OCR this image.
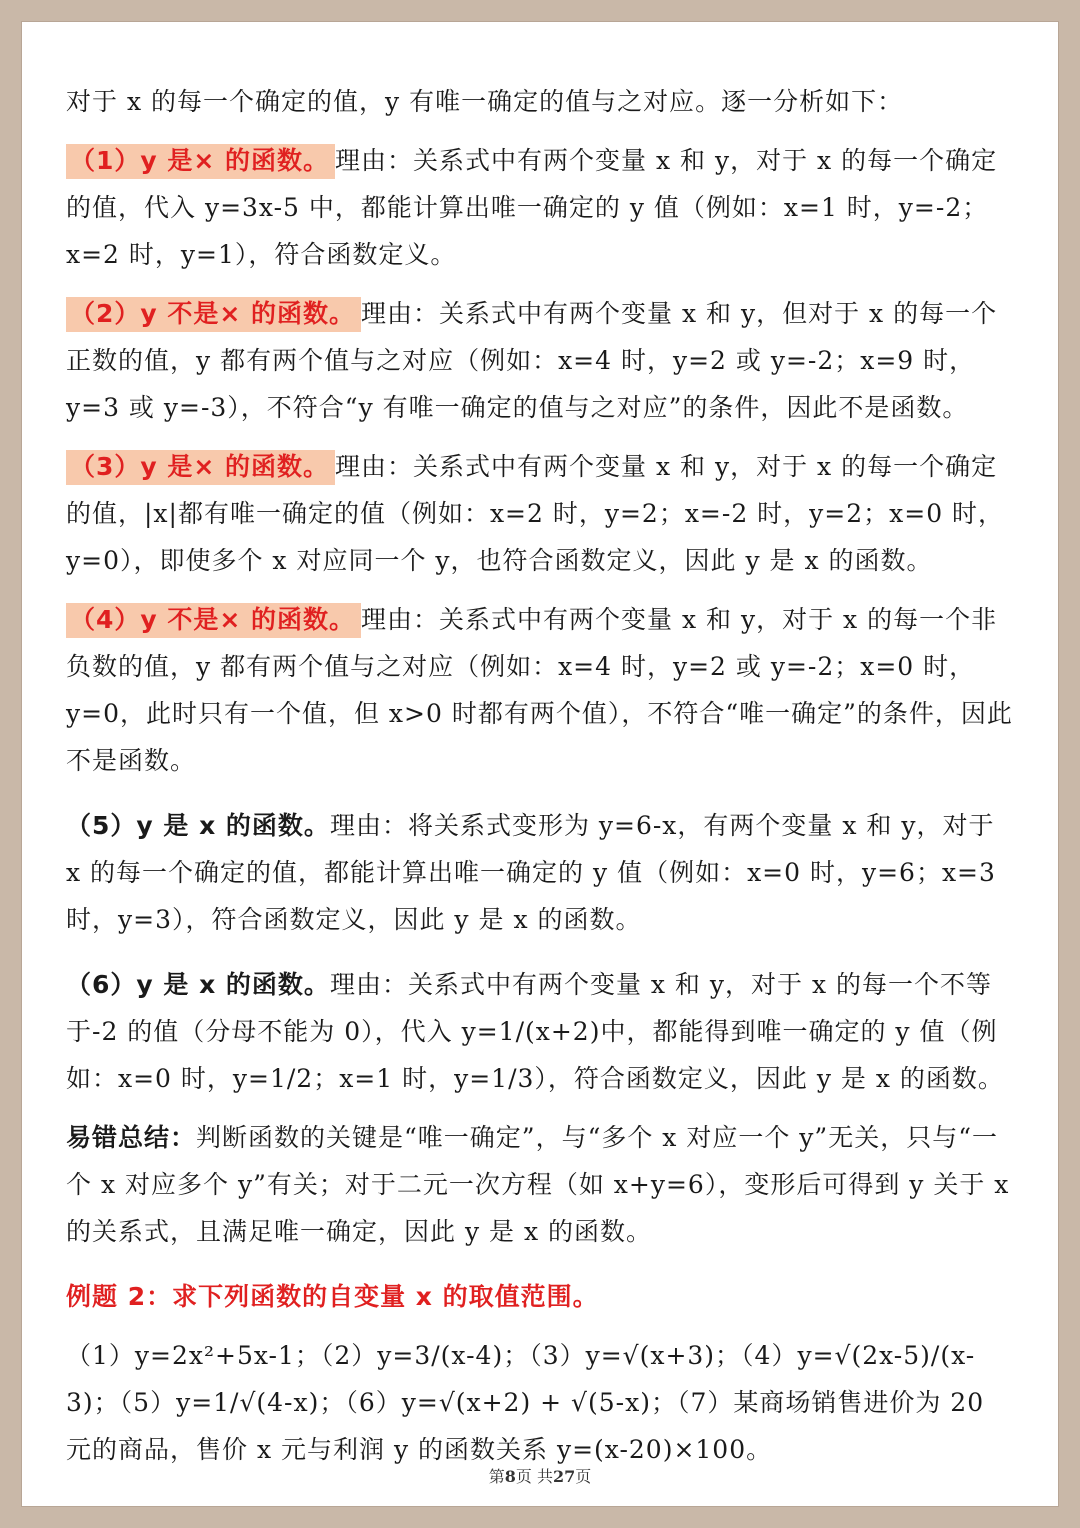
对于 x 的每一个确定的值，y 有唯一确定的值与之对应。逐一分析如下：

（1）y 是× 的函数。 理由：关系式中有两个变量 x 和 y，对于 x 的每一个确定的值，代入 y=3x-5 中，都能计算出唯一确定的 y 值（例如：x=1 时，y=-2；x=2 时，y=1），符合函数定义。

（2）y 不是× 的函数。 理由：关系式中有两个变量 x 和 y，但对于 x 的每一个正数的值，y 都有两个值与之对应（例如：x=4 时，y=2 或 y=-2；x=9 时，y=3 或 y=-3），不符合“y 有唯一确定的值与之对应”的条件，因此不是函数。

（3）y 是× 的函数。 理由：关系式中有两个变量 x 和 y，对于 x 的每一个确定的值，|x|都有唯一确定的值（例如：x=2 时，y=2；x=-2 时，y=2；x=0 时，y=0），即使多个 x 对应同一个 y，也符合函数定义，因此 y 是 x 的函数。

（4）y 不是× 的函数。 理由：关系式中有两个变量 x 和 y，对于 x 的每一个非负数的值，y 都有两个值与之对应（例如：x=4 时，y=2 或 y=-2；x=0 时，y=0，此时只有一个值，但 x>0 时都有两个值），不符合“唯一确定”的条件，因此不是函数。

（5）y 是 x 的函数。理由：将关系式变形为 y=6-x，有两个变量 x 和 y，对于 x 的每一个确定的值，都能计算出唯一确定的 y 值（例如：x=0 时，y=6；x=3 时，y=3），符合函数定义，因此 y 是 x 的函数。

（6）y 是 x 的函数。理由：关系式中有两个变量 x 和 y，对于 x 的每一个不等于-2 的值（分母不能为 0），代入 y=1/(x+2)中，都能得到唯一确定的 y 值（例如：x=0 时，y=1/2；x=1 时，y=1/3），符合函数定义，因此 y 是 x 的函数。

易错总结：判断函数的关键是“唯一确定”，与“多个 x 对应一个 y”无关，只与“一个 x 对应多个 y”有关；对于二元一次方程（如 x+y=6），变形后可得到 y 关于 x 的关系式，且满足唯一确定，因此 y 是 x 的函数。

例题 2：求下列函数的自变量 x 的取值范围。

（1）y=2x²+5x-1；（2）y=3/(x-4)；（3）y=√(x+3)；（4）y=√(2x-5)/(x-3)；（5）y=1/√(4-x)；（6）y=√(x+2) + √(5-x)；（7）某商场销售进价为 20 元的商品，售价 x 元与利润 y 的函数关系 y=(x-20)×100。

第8页 共27页
